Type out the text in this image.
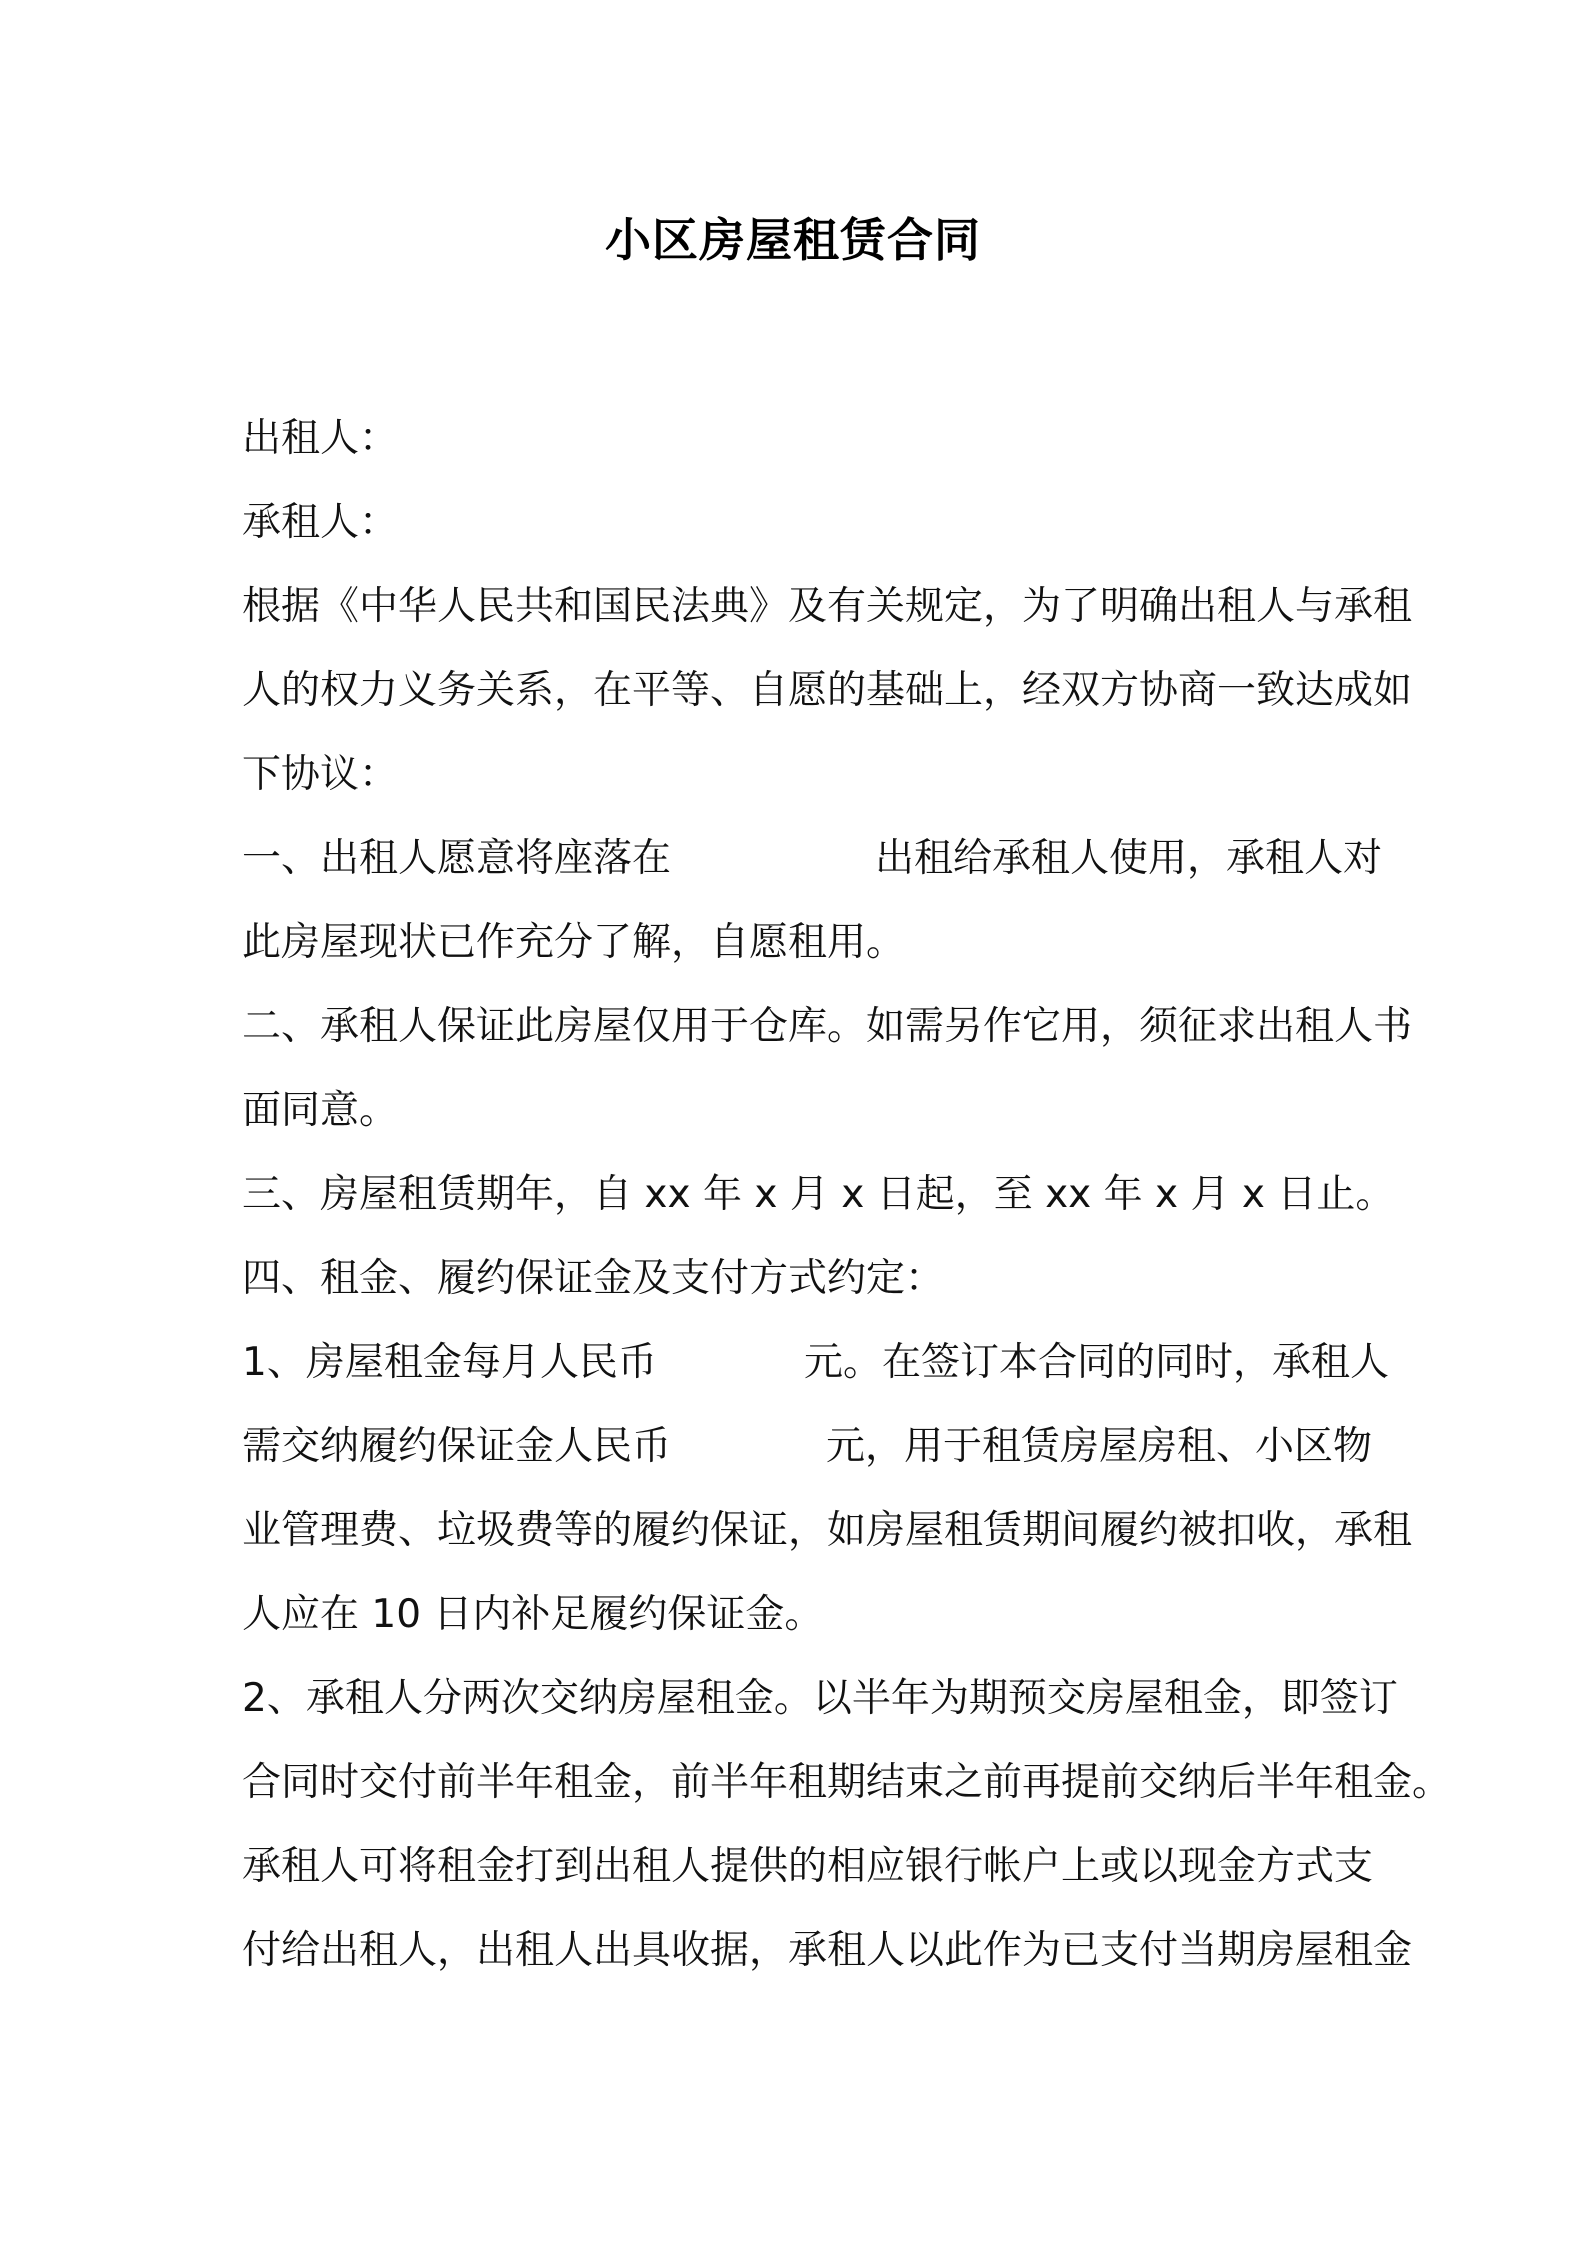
小区房屋租赁合同
出租人：
承租人：
根据《中华人民共和国民法典》及有关规定，为了明确出租人与承租
人的权力义务关系，在平等、自愿的基础上，经双方协商一致达成如
下协议：
一、出租人愿意将座落在	出租给承租人使用，承租人对
此房屋现状已作充分了解，自愿租用。
二、承租人保证此房屋仅用于仓库。如需另作它用，须征求出租人书
面同意。
三、房屋租赁期年，自 xx 年 x 月 x 日起，至 xx 年 x 月 x 日止。
四、租金、履约保证金及支付方式约定：
1、房屋租金每月人民币	元。在签订本合同的同时，承租人
需交纳履约保证金人民币	元，用于租赁房屋房租、小区物
业管理费、垃圾费等的履约保证，如房屋租赁期间履约被扣收，承租
人应在 10 日内补足履约保证金。
2、承租人分两次交纳房屋租金。以半年为期预交房屋租金，即签订
合同时交付前半年租金，前半年租期结束之前再提前交纳后半年租金。
承租人可将租金打到出租人提供的相应银行帐户上或以现金方式支
付给出租人，出租人出具收据，承租人以此作为已支付当期房屋租金
